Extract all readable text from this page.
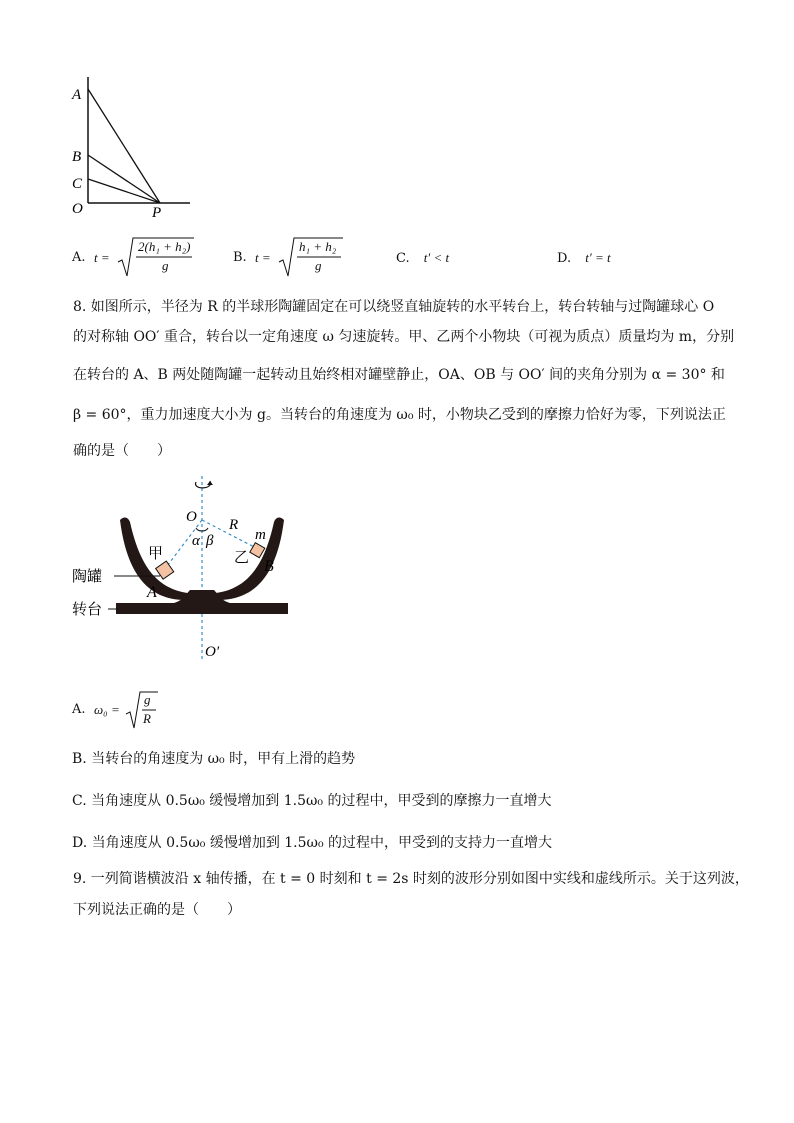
A
B
C
O	P
A. t =
2(h₁ + h₂)
g
B. t =
h₁ + h₂
g	C. t′ < t	D. t′ = t
8. 如图所示，半径为 R 的半球形陶罐固定在可以绕竖直轴旋转的水平转台上，转台转轴与过陶罐球心 O
的对称轴 OO′ 重合，转台以一定角速度 ω 匀速旋转。甲、乙两个小物块（可视为质点）质量均为 m，分别
在转台的 A、B 两处随陶罐一起转动且始终相对罐壁静止，OA、OB 与 OO′ 间的夹角分别为 α = 30° 和
β = 60°，重力加速度大小为 g。当转台的角速度为 ω₀ 时，小物块乙受到的摩擦力恰好为零，下列说法正
确的是（　　）
O R
m
α β
甲	乙
A
B
O′
陶罐
转台
A. ω₀ =
g
R
B. 当转台的角速度为 ω₀ 时，甲有上滑的趋势
C. 当角速度从 0.5ω₀ 缓慢增加到 1.5ω₀ 的过程中，甲受到的摩擦力一直增大
D. 当角速度从 0.5ω₀ 缓慢增加到 1.5ω₀ 的过程中，甲受到的支持力一直增大
9. 一列简谐横波沿 x 轴传播，在 t = 0 时刻和 t = 2s 时刻的波形分别如图中实线和虚线所示。关于这列波，
下列说法正确的是（　　）
